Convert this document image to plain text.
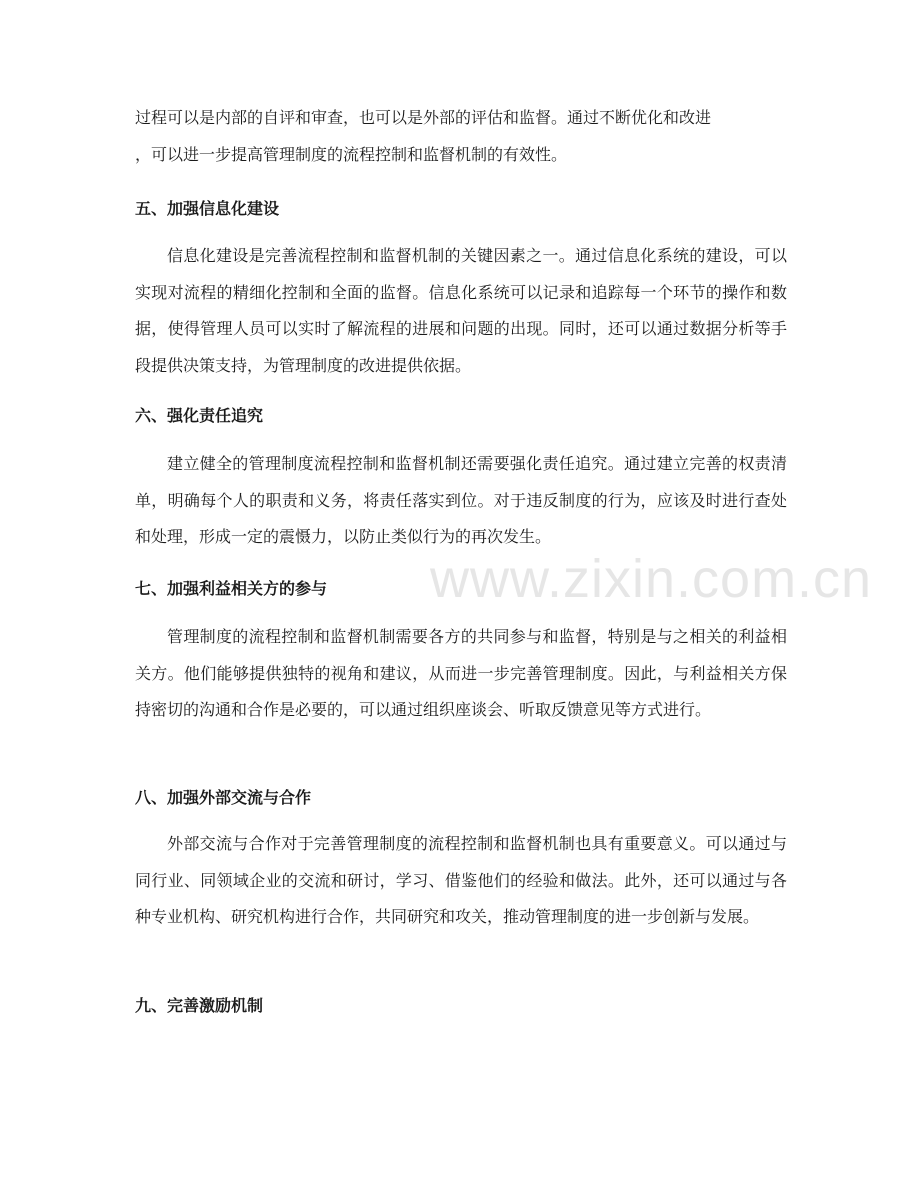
www.zixin.com.cn
过程可以是内部的自评和审查，也可以是外部的评估和监督。通过不断优化和改进
，可以进一步提高管理制度的流程控制和监督机制的有效性。
五、加强信息化建设
信息化建设是完善流程控制和监督机制的关键因素之一。通过信息化系统的建设，可以实现对流程的精细化控制和全面的监督。信息化系统可以记录和追踪每一个环节的操作和数据，使得管理人员可以实时了解流程的进展和问题的出现。同时，还可以通过数据分析等手段提供决策支持，为管理制度的改进提供依据。
六、强化责任追究
建立健全的管理制度流程控制和监督机制还需要强化责任追究。通过建立完善的权责清单，明确每个人的职责和义务，将责任落实到位。对于违反制度的行为，应该及时进行查处和处理，形成一定的震慑力，以防止类似行为的再次发生。
七、加强利益相关方的参与
管理制度的流程控制和监督机制需要各方的共同参与和监督，特别是与之相关的利益相关方。他们能够提供独特的视角和建议，从而进一步完善管理制度。因此，与利益相关方保持密切的沟通和合作是必要的，可以通过组织座谈会、听取反馈意见等方式进行。
八、加强外部交流与合作
外部交流与合作对于完善管理制度的流程控制和监督机制也具有重要意义。可以通过与同行业、同领域企业的交流和研讨，学习、借鉴他们的经验和做法。此外，还可以通过与各种专业机构、研究机构进行合作，共同研究和攻关，推动管理制度的进一步创新与发展。
九、完善激励机制
